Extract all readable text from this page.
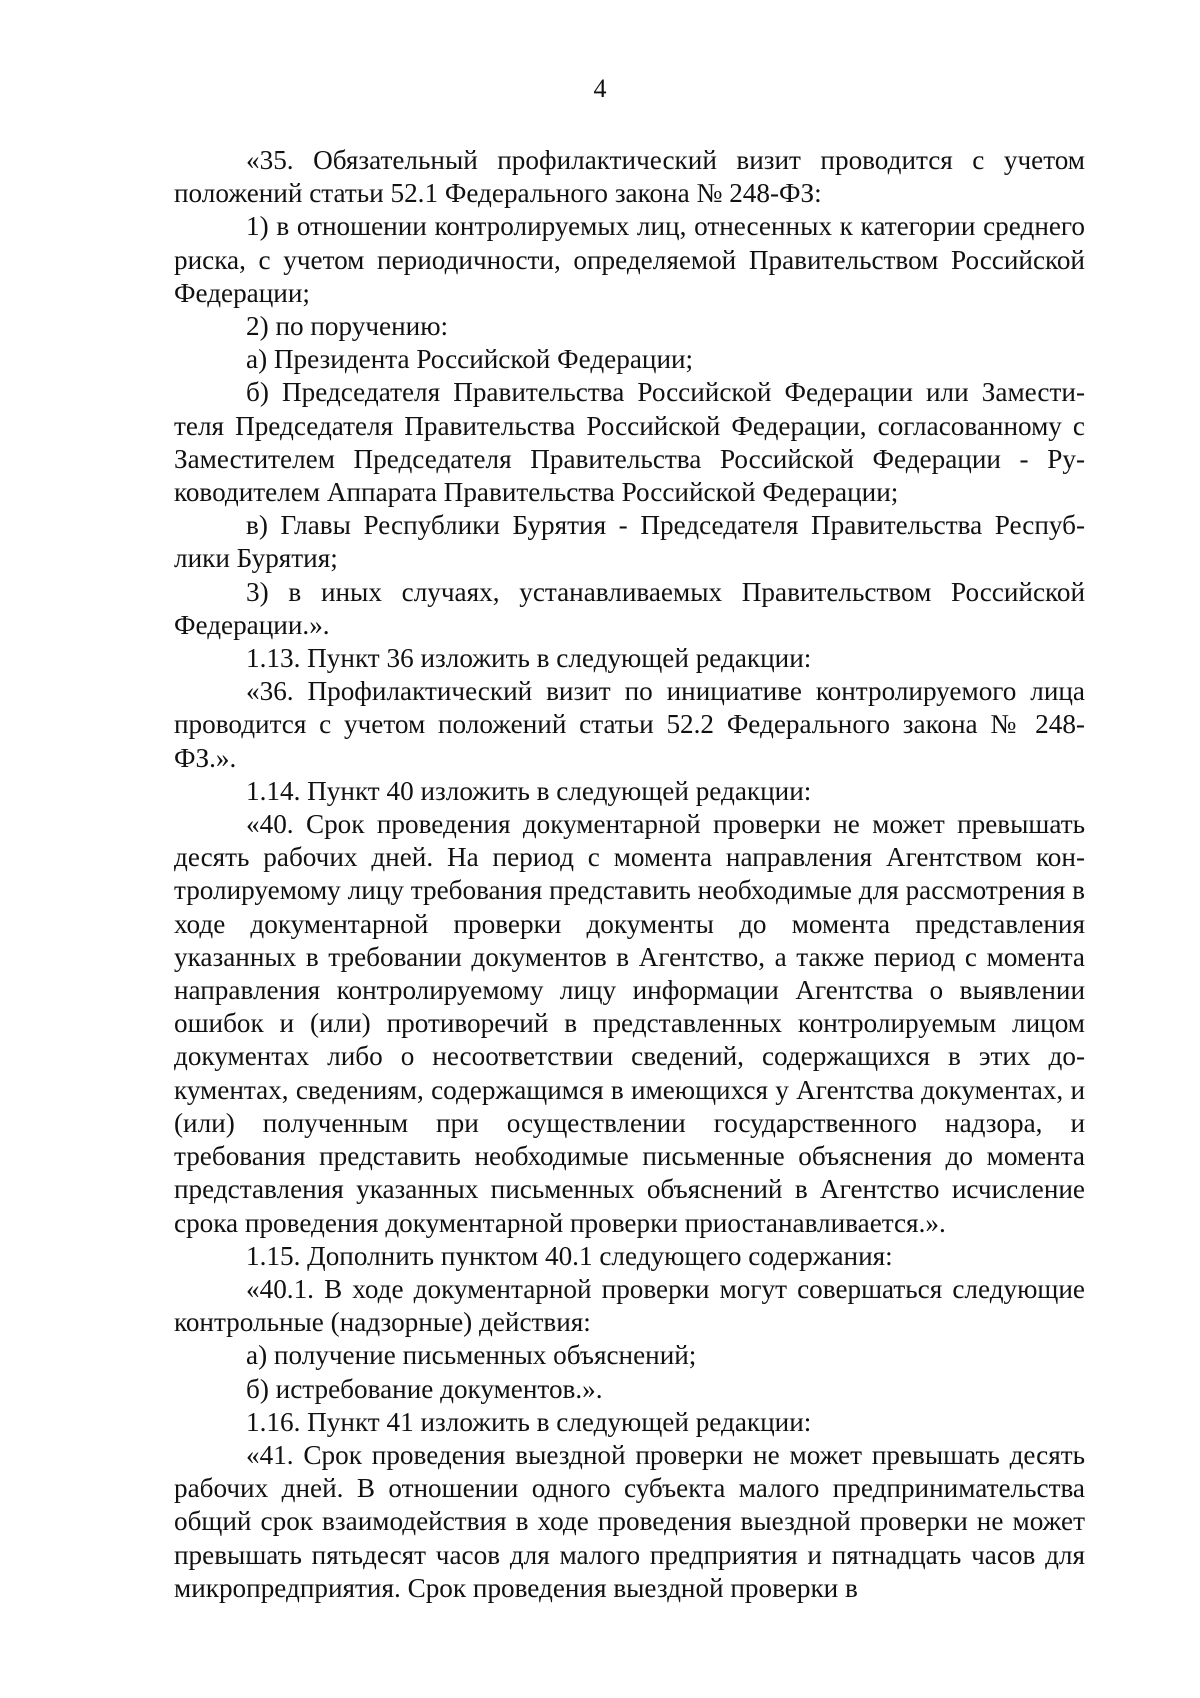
4

«35. Обязательный профилактический визит проводится с учетом положений статьи 52.1 Федерального закона № 248-ФЗ:

1) в отношении контролируемых лиц, отнесенных к категории среднего риска, с учетом периодичности, определяемой Правительством Российской Федерации;

2) по поручению:

а) Президента Российской Федерации;

б) Председателя Правительства Российской Федерации или Заместителя Председателя Правительства Российской Федерации, согласованному с Заместителем Председателя Правительства Российской Федерации - Руководителем Аппарата Правительства Российской Федерации;

в) Главы Республики Бурятия - Председателя Правительства Республики Бурятия;

3) в иных случаях, устанавливаемых Правительством Российской Федерации.».

1.13. Пункт 36 изложить в следующей редакции:

«36. Профилактический визит по инициативе контролируемого лица проводится с учетом положений статьи 52.2 Федерального закона № 248-ФЗ.».

1.14. Пункт 40 изложить в следующей редакции:

«40. Срок проведения документарной проверки не может превышать десять рабочих дней. На период с момента направления Агентством контролируемому лицу требования представить необходимые для рассмотрения в ходе документарной проверки документы до момента представления указанных в требовании документов в Агентство, а также период с момента направления контролируемому лицу информации Агентства о выявлении ошибок и (или) противоречий в представленных контролируемым лицом документах либо о несоответствии сведений, содержащихся в этих документах, сведениям, содержащимся в имеющихся у Агентства документах, и (или) полученным при осуществлении государственного надзора, и требования представить необходимые письменные объяснения до момента представления указанных письменных объяснений в Агентство исчисление срока проведения документарной проверки приостанавливается.».

1.15. Дополнить пунктом 40.1 следующего содержания:

«40.1. В ходе документарной проверки могут совершаться следующие контрольные (надзорные) действия:

а) получение письменных объяснений;

б) истребование документов.».

1.16. Пункт 41 изложить в следующей редакции:

«41. Срок проведения выездной проверки не может превышать десять рабочих дней. В отношении одного субъекта малого предпринимательства общий срок взаимодействия в ходе проведения выездной проверки не может превышать пятьдесят часов для малого предприятия и пятнадцать часов для микропредприятия. Срок проведения выездной проверки в
